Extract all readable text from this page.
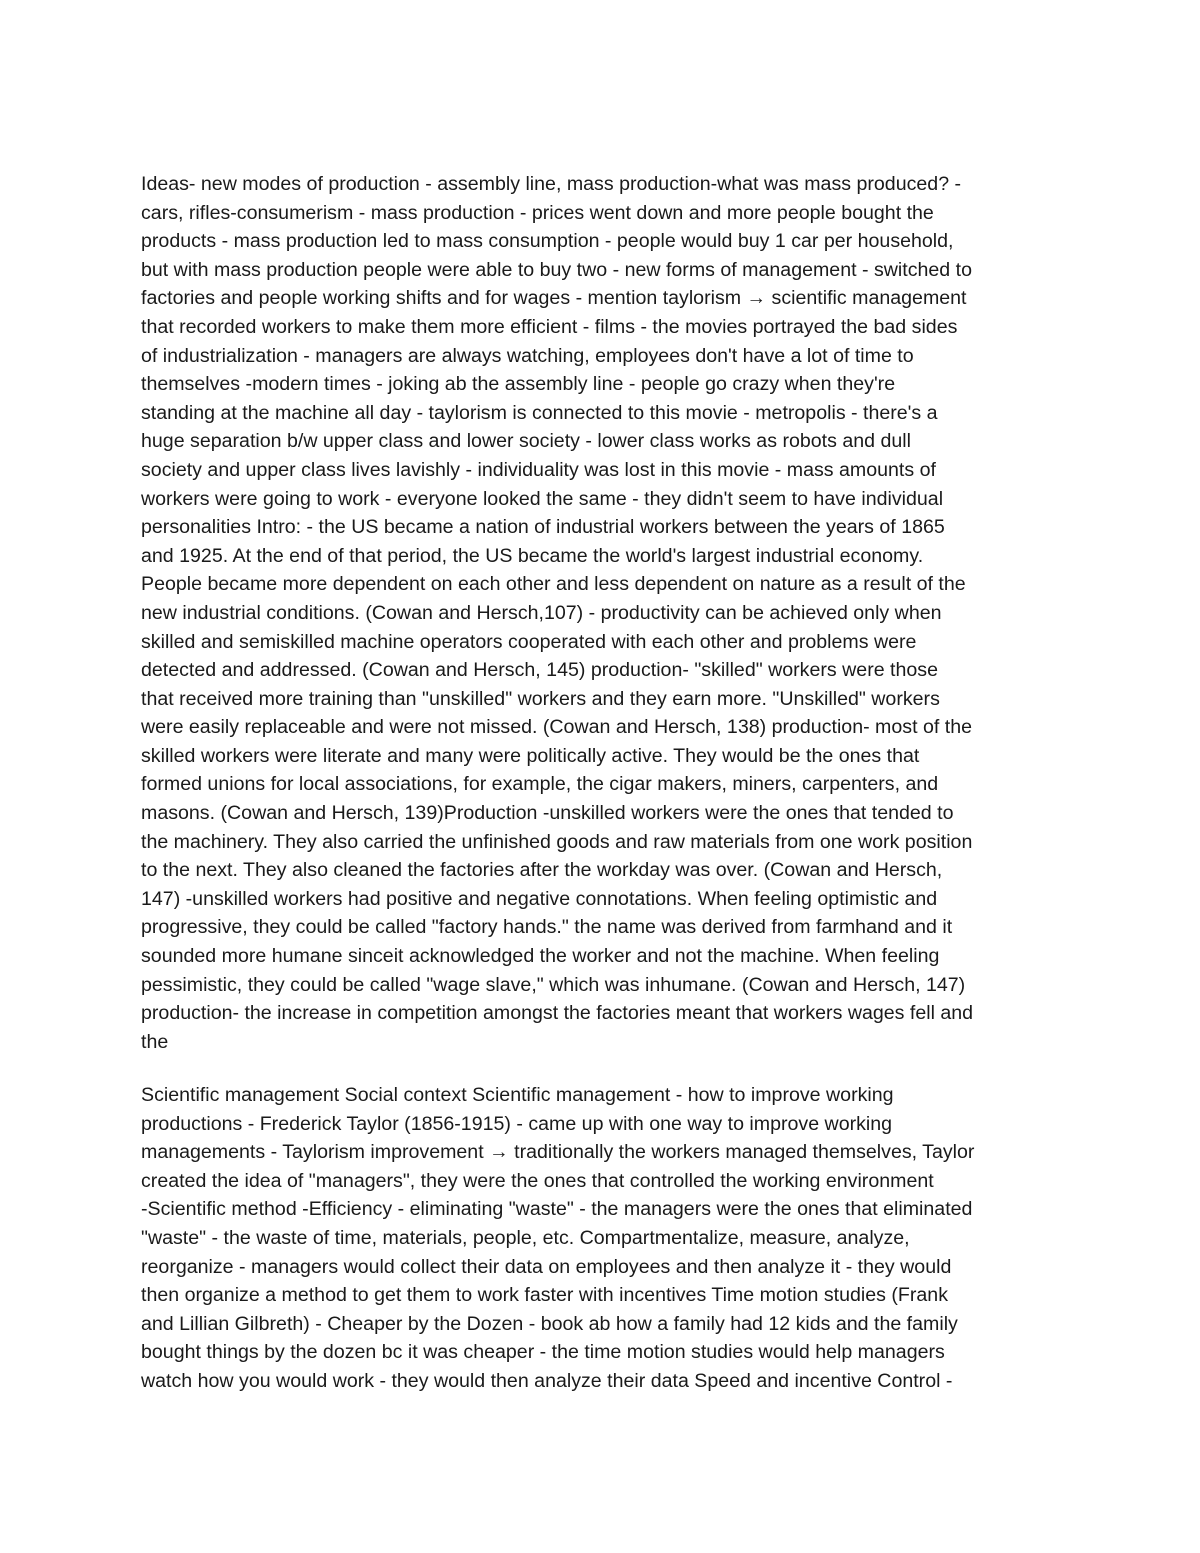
Ideas- new modes of production - assembly line, mass production-what was mass produced? -
cars, rifles-consumerism - mass production - prices went down and more people bought the
products - mass production led to mass consumption - people would buy 1 car per household,
but with mass production people were able to buy two - new forms of management - switched to
factories and people working shifts and for wages - mention taylorism → scientific management
that recorded workers to make them more efficient - films - the movies portrayed the bad sides
of industrialization - managers are always watching, employees don't have a lot of time to
themselves -modern times - joking ab the assembly line - people go crazy when they're
standing at the machine all day - taylorism is connected to this movie - metropolis - there's a
huge separation b/w upper class and lower society - lower class works as robots and dull
society and upper class lives lavishly - individuality was lost in this movie - mass amounts of
workers were going to work - everyone looked the same - they didn't seem to have individual
personalities Intro: - the US became a nation of industrial workers between the years of 1865
and 1925. At the end of that period, the US became the world's largest industrial economy.
People became more dependent on each other and less dependent on nature as a result of the
new industrial conditions. (Cowan and Hersch,107) - productivity can be achieved only when
skilled and semiskilled machine operators cooperated with each other and problems were
detected and addressed. (Cowan and Hersch, 145) production- "skilled" workers were those
that received more training than "unskilled" workers and they earn more. "Unskilled" workers
were easily replaceable and were not missed. (Cowan and Hersch, 138) production- most of the
skilled workers were literate and many were politically active. They would be the ones that
formed unions for local associations, for example, the cigar makers, miners, carpenters, and
masons. (Cowan and Hersch, 139)Production -unskilled workers were the ones that tended to
the machinery. They also carried the unfinished goods and raw materials from one work position
to the next. They also cleaned the factories after the workday was over. (Cowan and Hersch,
147) -unskilled workers had positive and negative connotations. When feeling optimistic and
progressive, they could be called "factory hands." the name was derived from farmhand and it
sounded more humane sinceit acknowledged the worker and not the machine. When feeling
pessimistic, they could be called "wage slave," which was inhumane. (Cowan and Hersch, 147)
production- the increase in competition amongst the factories meant that workers wages fell and
the
Scientific management Social context Scientific management - how to improve working
productions - Frederick Taylor (1856-1915) - came up with one way to improve working
managements - Taylorism improvement → traditionally the workers managed themselves, Taylor
created the idea of "managers", they were the ones that controlled the working environment
-Scientific method -Efficiency - eliminating "waste" - the managers were the ones that eliminated
"waste" - the waste of time, materials, people, etc. Compartmentalize, measure, analyze,
reorganize - managers would collect their data on employees and then analyze it - they would
then organize a method to get them to work faster with incentives Time motion studies (Frank
and Lillian Gilbreth) - Cheaper by the Dozen - book ab how a family had 12 kids and the family
bought things by the dozen bc it was cheaper - the time motion studies would help managers
watch how you would work - they would then analyze their data Speed and incentive Control -
